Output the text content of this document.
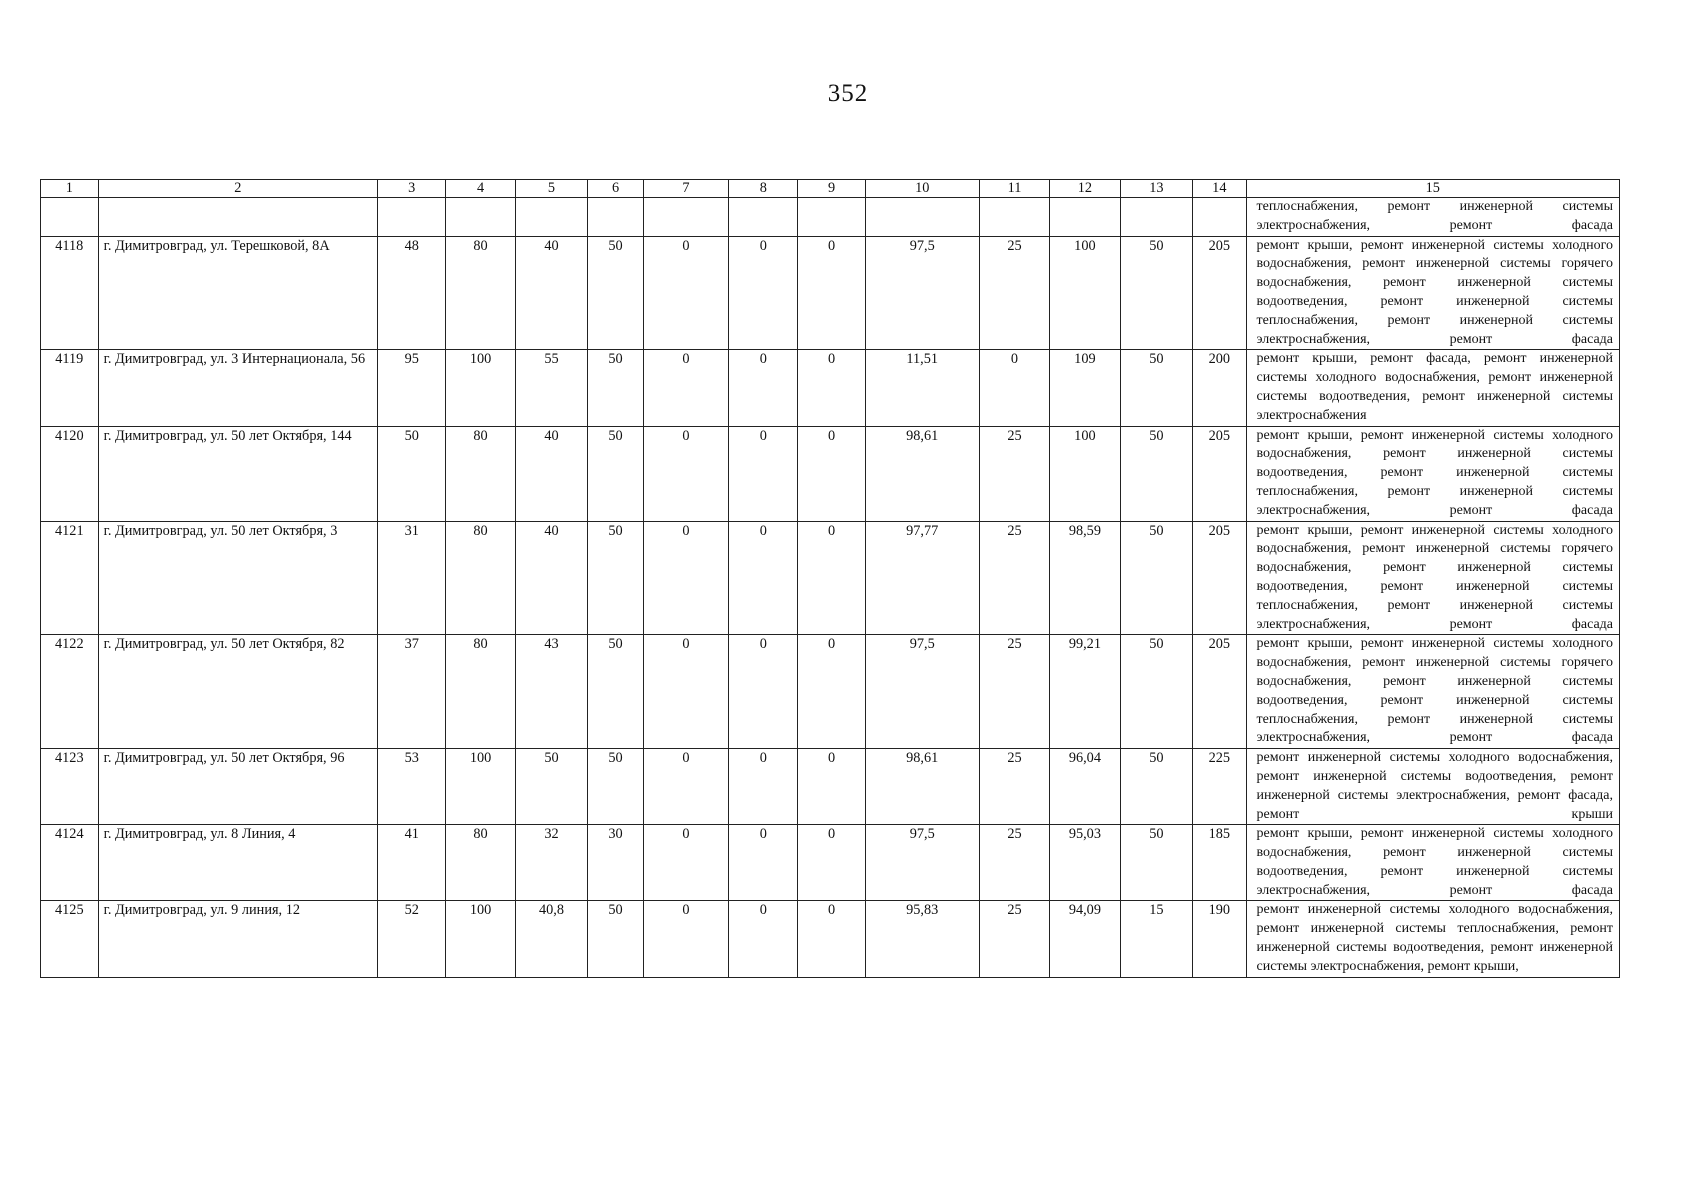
352
1	2	3	4	5	6	7	8	9	10	11	12	13	14	15
														теплоснабжения, ремонт инженерной системы электроснабжения, ремонт фасада
4118	г. Димитровград, ул. Терешковой, 8А	48	80	40	50	0	0	0	97,5	25	100	50	205	ремонт крыши, ремонт инженерной системы холодного водоснабжения, ремонт инженерной системы горячего водоснабжения, ремонт инженерной системы водоотведения, ремонт инженерной системы теплоснабжения, ремонт инженерной системы электроснабжения, ремонт фасада
4119	г. Димитровград, ул. 3 Интернационала, 56	95	100	55	50	0	0	0	11,51	0	109	50	200	ремонт крыши, ремонт фасада, ремонт инженерной системы холодного водоснабжения, ремонт инженерной системы водоотведения, ремонт инженерной системы электроснабжения
4120	г. Димитровград, ул. 50 лет Октября, 144	50	80	40	50	0	0	0	98,61	25	100	50	205	ремонт крыши, ремонт инженерной системы холодного водоснабжения, ремонт инженерной системы водоотведения, ремонт инженерной системы теплоснабжения, ремонт инженерной системы электроснабжения, ремонт фасада
4121	г. Димитровград, ул. 50 лет Октября, 3	31	80	40	50	0	0	0	97,77	25	98,59	50	205	ремонт крыши, ремонт инженерной системы холодного водоснабжения, ремонт инженерной системы горячего водоснабжения, ремонт инженерной системы водоотведения, ремонт инженерной системы теплоснабжения, ремонт инженерной системы электроснабжения, ремонт фасада
4122	г. Димитровград, ул. 50 лет Октября, 82	37	80	43	50	0	0	0	97,5	25	99,21	50	205	ремонт крыши, ремонт инженерной системы холодного водоснабжения, ремонт инженерной системы горячего водоснабжения, ремонт инженерной системы водоотведения, ремонт инженерной системы теплоснабжения, ремонт инженерной системы электроснабжения, ремонт фасада
4123	г. Димитровград, ул. 50 лет Октября, 96	53	100	50	50	0	0	0	98,61	25	96,04	50	225	ремонт инженерной системы холодного водоснабжения, ремонт инженерной системы водоотведения, ремонт инженерной системы электроснабжения, ремонт фасада, ремонт крыши
4124	г. Димитровград, ул. 8 Линия, 4	41	80	32	30	0	0	0	97,5	25	95,03	50	185	ремонт крыши, ремонт инженерной системы холодного водоснабжения, ремонт инженерной системы водоотведения, ремонт инженерной системы электроснабжения, ремонт фасада
4125	г. Димитровград, ул. 9 линия, 12	52	100	40,8	50	0	0	0	95,83	25	94,09	15	190	ремонт инженерной системы холодного водоснабжения, ремонт инженерной системы теплоснабжения, ремонт инженерной системы водоотведения, ремонт инженерной системы электроснабжения, ремонт крыши,
